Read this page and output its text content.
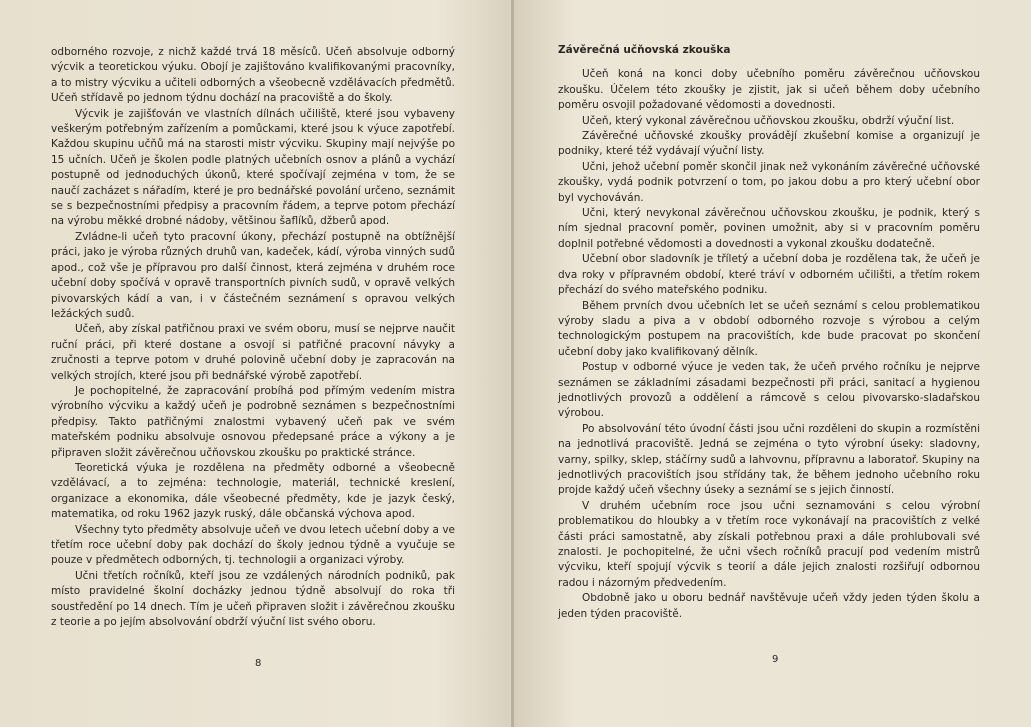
odborného rozvoje, z nichž každé trvá 18 měsíců. Učeň absolvuje odborný výcvik a teoretickou výuku. Obojí je zajištováno kvalifikovanými pracovníky, a to mistry výcviku a učiteli odborných a všeobecně vzdělávacích předmětů. Učeň střídavě po jednom týdnu dochází na pracoviště a do školy.

Výcvik je zajišťován ve vlastních dílnách učiliště, které jsou vybaveny veškerým potřebným zařízením a pomůckami, které jsou k výuce zapotřebí. Každou skupinu učňů má na starosti mistr výcviku. Skupiny mají nejvýše po 15 učních. Učeň je školen podle platných učebních osnov a plánů a vychází postupně od jednoduchých úkonů, které spočívají zejména v tom, že se naučí zacházet s nářadím, které je pro bednářské povolání určeno, seznámit se s bezpečnostními předpisy a pracovním řádem, a teprve potom přechází na výrobu měkké drobné nádoby, většinou šaflíků, džberů apod.

Zvládne-li učeň tyto pracovní úkony, přechází postupně na obtížnější práci, jako je výroba různých druhů van, kadeček, kádí, výroba vinných sudů apod., což vše je přípravou pro další činnost, která zejména v druhém roce učební doby spočívá v opravě transportních pivních sudů, v opravě velkých pivovarských kádí a van, i v částečném seznámení s opravou velkých ležáckých sudů.

Učeň, aby získal patřičnou praxi ve svém oboru, musí se nejprve naučit ruční práci, při které dostane a osvojí si patřičné pracovní návyky a zručnosti a teprve potom v druhé polovině učební doby je zapracován na velkých strojích, které jsou při bednářské výrobě zapotřebí.

Je pochopitelné, že zapracování probíhá pod přímým vedením mistra výrobního výcviku a každý učeň je podrobně seznámen s bezpečnostními předpisy. Takto patřičnými znalostmi vybavený učeň pak ve svém mateřském podniku absolvuje osnovou předepsané práce a výkony a je připraven složit závěrečnou učňovskou zkoušku po praktické stránce.

Teoretická výuka je rozdělena na předměty odborné a všeobecně vzdělávací, a to zejména: technologie, materiál, technické kreslení, organizace a ekonomika, dále všeobecné předměty, kde je jazyk český, matematika, od roku 1962 jazyk ruský, dále občanská výchova apod.

Všechny tyto předměty absolvuje učeň ve dvou letech učební doby a ve třetím roce učební doby pak dochází do školy jednou týdně a vyučuje se pouze v předmětech odborných, tj. technologii a organizaci výroby.

Učni třetích ročníků, kteří jsou ze vzdálených národních podniků, pak místo pravidelné školní docházky jednou týdně absolvují do roka tři soustředění po 14 dnech. Tím je učeň připraven složit i závěrečnou zkoušku z teorie a po jejím absolvování obdrží výuční list svého oboru.

8
Závěrečná učňovská zkouška

Učeň koná na konci doby učebního poměru závěrečnou učňovskou zkoušku. Účelem této zkoušky je zjistit, jak si učeň během doby učebního poměru osvojil požadované vědomosti a dovednosti.

Učeň, který vykonal závěrečnou učňovskou zkoušku, obdrží výuční list.

Závěrečné učňovské zkoušky provádějí zkušební komise a organizují je podniky, které též vydávají výuční listy.

Učni, jehož učební poměr skončil jinak než vykonáním závěrečné učňovské zkoušky, vydá podnik potvrzení o tom, po jakou dobu a pro který učební obor byl vychováván.

Učni, který nevykonal závěrečnou učňovskou zkoušku, je podnik, který s ním sjednal pracovní poměr, povinen umožnit, aby si v pracovním poměru doplnil potřebné vědomosti a dovednosti a vykonal zkoušku dodatečně.

Učební obor sladovník je tříletý a učební doba je rozdělena tak, že učeň je dva roky v přípravném období, které tráví v odborném učilišti, a třetím rokem přechází do svého mateřského podniku.

Během prvních dvou učebních let se učeň seznámí s celou problematikou výroby sladu a piva a v období odborného rozvoje s výrobou a celým technologickým postupem na pracovištích, kde bude pracovat po skončení učební doby jako kvalifikovaný dělník.

Postup v odborné výuce je veden tak, že učeň prvého ročníku je nejprve seznámen se základními zásadami bezpečnosti při práci, sanitací a hygienou jednotlivých provozů a oddělení a rámcově s celou pivovarsko-sladařskou výrobou.

Po absolvování této úvodní části jsou učni rozděleni do skupin a rozmístěni na jednotlivá pracoviště. Jedná se zejména o tyto výrobní úseky: sladovny, varny, spilky, sklep, stáčírny sudů a lahvovnu, přípravnu a laboratoř. Skupiny na jednotlivých pracovištích jsou střídány tak, že během jednoho učebního roku projde každý učeň všechny úseky a seznámí se s jejich činností.

V druhém učebním roce jsou učni seznamováni s celou výrobní problematikou do hloubky a v třetím roce vykonávají na pracovištích z velké části práci samostatně, aby získali potřebnou praxi a dále prohlubovali své znalosti. Je pochopitelné, že učni všech ročníků pracují pod vedením mistrů výcviku, kteří spojují výcvik s teorií a dále jejich znalosti rozšiřují odbornou radou i názorným předvedením.

Obdobně jako u oboru bednář navštěvuje učeň vždy jeden týden školu a jeden týden pracoviště.

9
